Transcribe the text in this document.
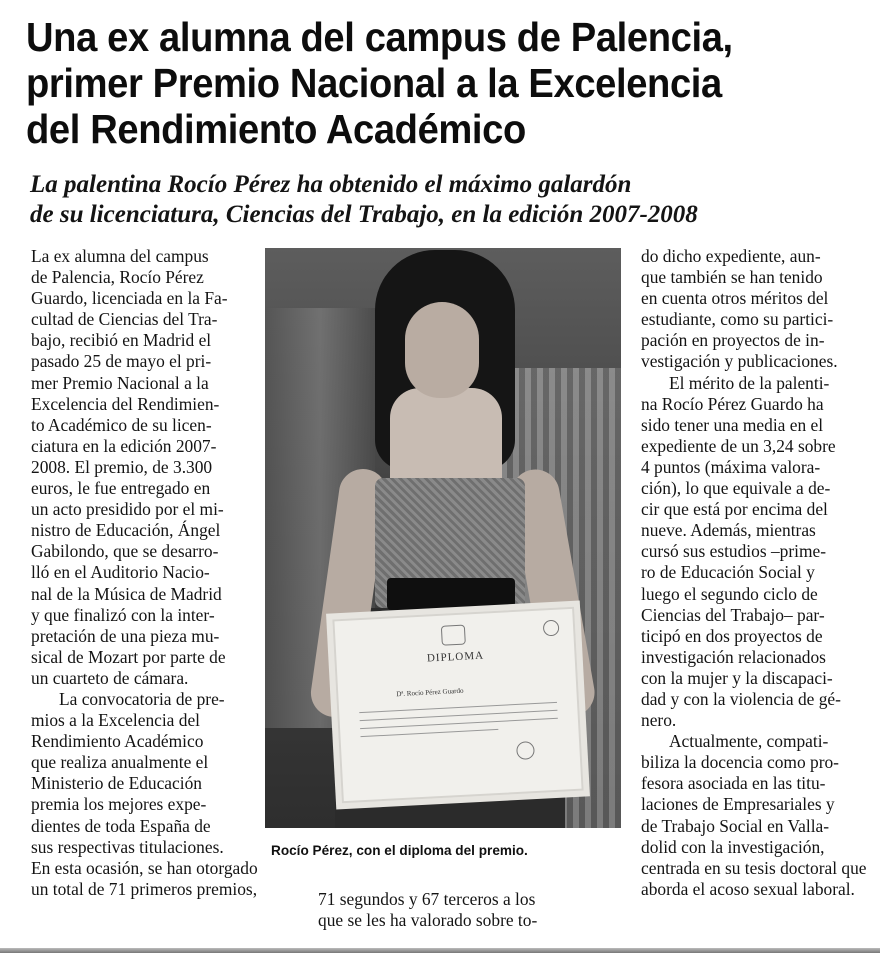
Una ex alumna del campus de Palencia,
primer Premio Nacional a la Excelencia
del Rendimiento Académico
La palentina Rocío Pérez ha obtenido el máximo galardón
de su licenciatura, Ciencias del Trabajo, en la edición 2007-2008

La ex alumna del campus
de Palencia, Rocío Pérez
Guardo, licenciada en la Fa-
cultad de Ciencias del Tra-
bajo, recibió en Madrid el
pasado 25 de mayo el pri-
mer Premio Nacional a la
Excelencia del Rendimien-
to Académico de su licen-
ciatura en la edición 2007-
2008. El premio, de 3.300
euros, le fue entregado en
un acto presidido por el mi-
nistro de Educación, Ángel
Gabilondo, que se desarro-
lló en el Auditorio Nacio-
nal de la Música de Madrid
y que finalizó con la inter-
pretación de una pieza mu-
sical de Mozart por parte de
un cuarteto de cámara.

La convocatoria de pre-
mios a la Excelencia del
Rendimiento Académico
que realiza anualmente el
Ministerio de Educación
premia los mejores expe-
dientes de toda España de
sus respectivas titulaciones.
En esta ocasión, se han otorgado
un total de 71 primeros premios,

DIPLOMA
Dª. Rocío Pérez Guardo

Rocío Pérez, con el diploma del premio.

71 segundos y 67 terceros a los
que se les ha valorado sobre to-

do dicho expediente, aun-
que también se han tenido
en cuenta otros méritos del
estudiante, como su partici-
pación en proyectos de in-
vestigación y publicaciones.

El mérito de la palenti-
na Rocío Pérez Guardo ha
sido tener una media en el
expediente de un 3,24 sobre
4 puntos (máxima valora-
ción), lo que equivale a de-
cir que está por encima del
nueve. Además, mientras
cursó sus estudios –prime-
ro de Educación Social y
luego el segundo ciclo de
Ciencias del Trabajo– par-
ticipó en dos proyectos de
investigación relacionados
con la mujer y la discapaci-
dad y con la violencia de gé-
nero.

Actualmente, compati-
biliza la docencia como pro-
fesora asociada en las titu-
laciones de Empresariales y
de Trabajo Social en Valla-
dolid con la investigación,
centrada en su tesis doctoral que
aborda el acoso sexual laboral.
